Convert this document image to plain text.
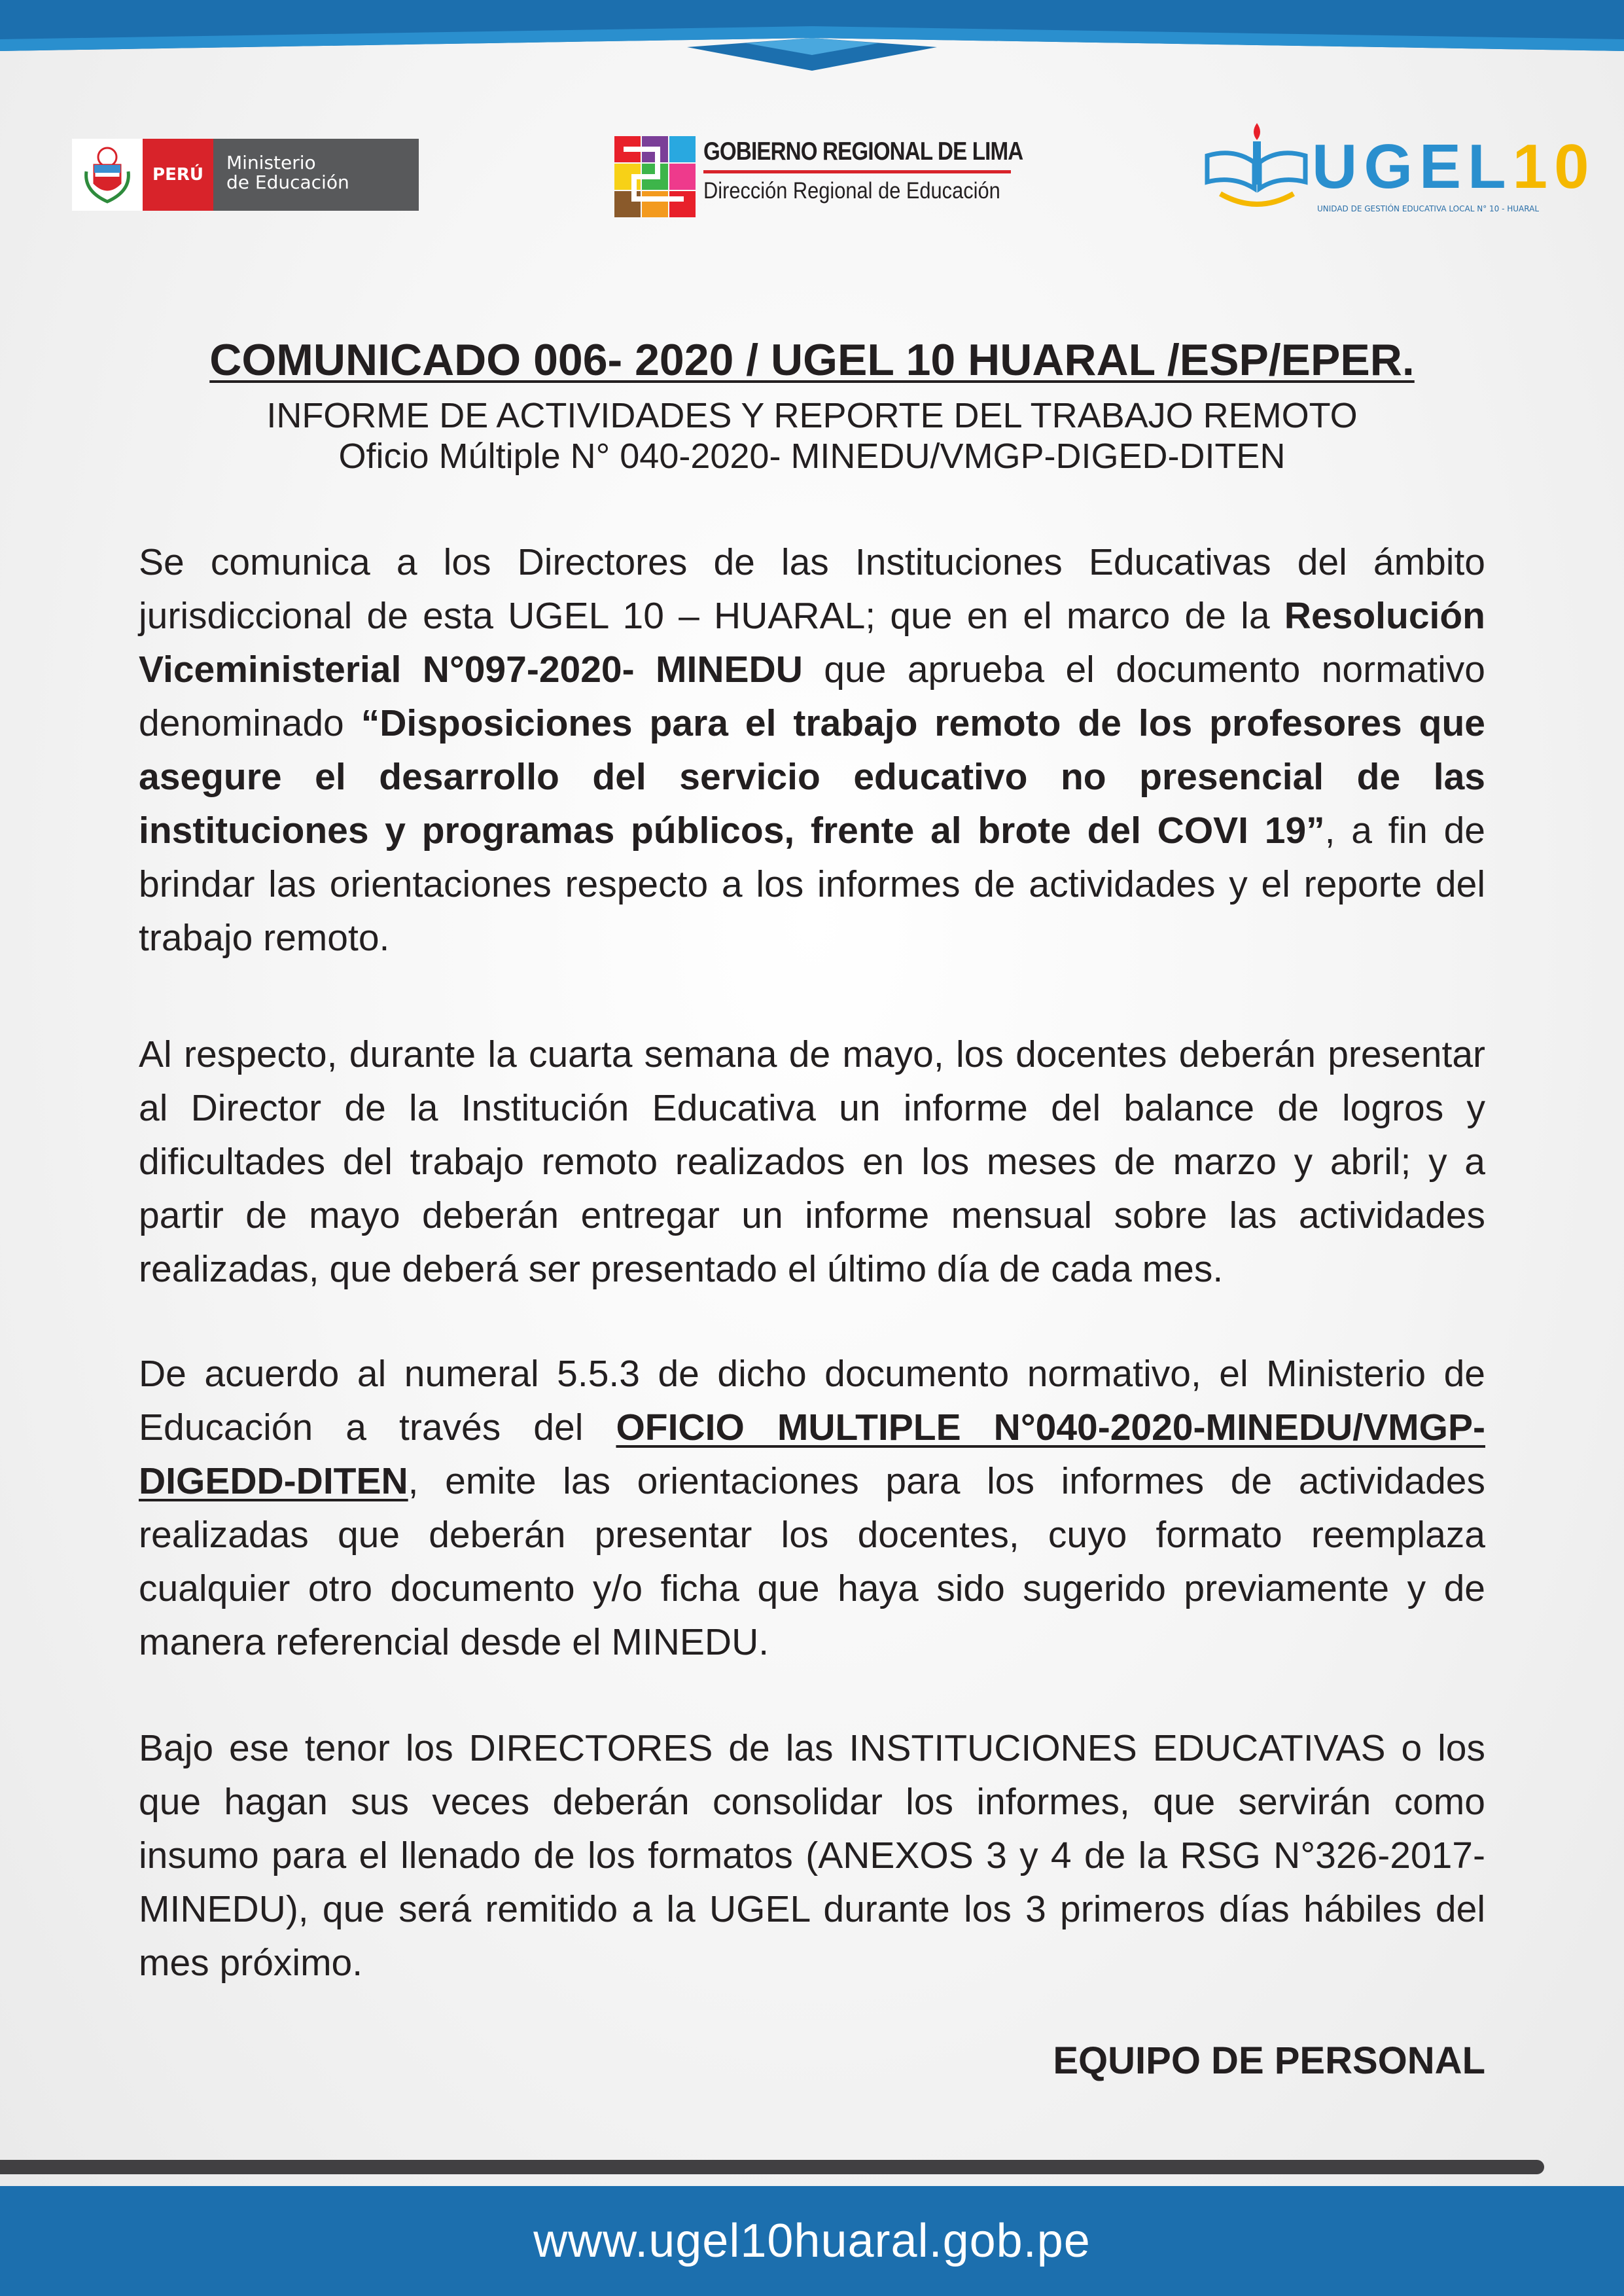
PERÚ
Ministerio
de Educación
GOBIERNO REGIONAL DE LIMA
Dirección Regional de Educación	UGEL10
UNIDAD DE GESTIÓN EDUCATIVA LOCAL N° 10 - HUARAL
COMUNICADO 006- 2020 / UGEL 10 HUARAL /ESP/EPER.
INFORME DE ACTIVIDADES Y REPORTE DEL TRABAJO REMOTO
Oficio Múltiple N° 040-2020- MINEDU/VMGP-DIGED-DITEN
Se comunica a los Directores de las Instituciones Educativas del ámbito jurisdiccional de esta UGEL 10 – HUARAL; que en el marco de la Resolución Viceministerial N°097-2020- MINEDU que aprueba el documento normativo denominado “Disposiciones para el trabajo remoto de los profesores que asegure el desarrollo del servicio educativo no presencial de las instituciones y programas públicos, frente al brote del COVI 19”, a fin de brindar las orientaciones respecto a los informes de actividades y el reporte del trabajo remoto.
Al respecto, durante la cuarta semana de mayo, los docentes deberán presentar al Director de la Institución Educativa un informe del balance de logros y dificultades del trabajo remoto realizados en los meses de marzo y abril; y a partir de mayo deberán entregar un informe mensual sobre las actividades realizadas, que deberá ser presentado el último día de cada mes.
De acuerdo al numeral 5.5.3 de dicho documento normativo, el Ministerio de Educación a través del OFICIO MULTIPLE N°040-2020-MINEDU/VMGP-DIGEDD-DITEN, emite las orientaciones para los informes de actividades realizadas que deberán presentar los docentes, cuyo formato reemplaza cualquier otro documento y/o ficha que haya sido sugerido previamente y de manera referencial desde el MINEDU.
Bajo ese tenor los DIRECTORES de las INSTITUCIONES EDUCATIVAS o los que hagan sus veces deberán consolidar los informes, que servirán como insumo para el llenado de los formatos (ANEXOS 3 y 4 de la RSG N°326-2017-MINEDU), que será remitido a la UGEL durante los 3 primeros días hábiles del mes próximo.
EQUIPO DE PERSONAL
www.ugel10huaral.gob.pe
